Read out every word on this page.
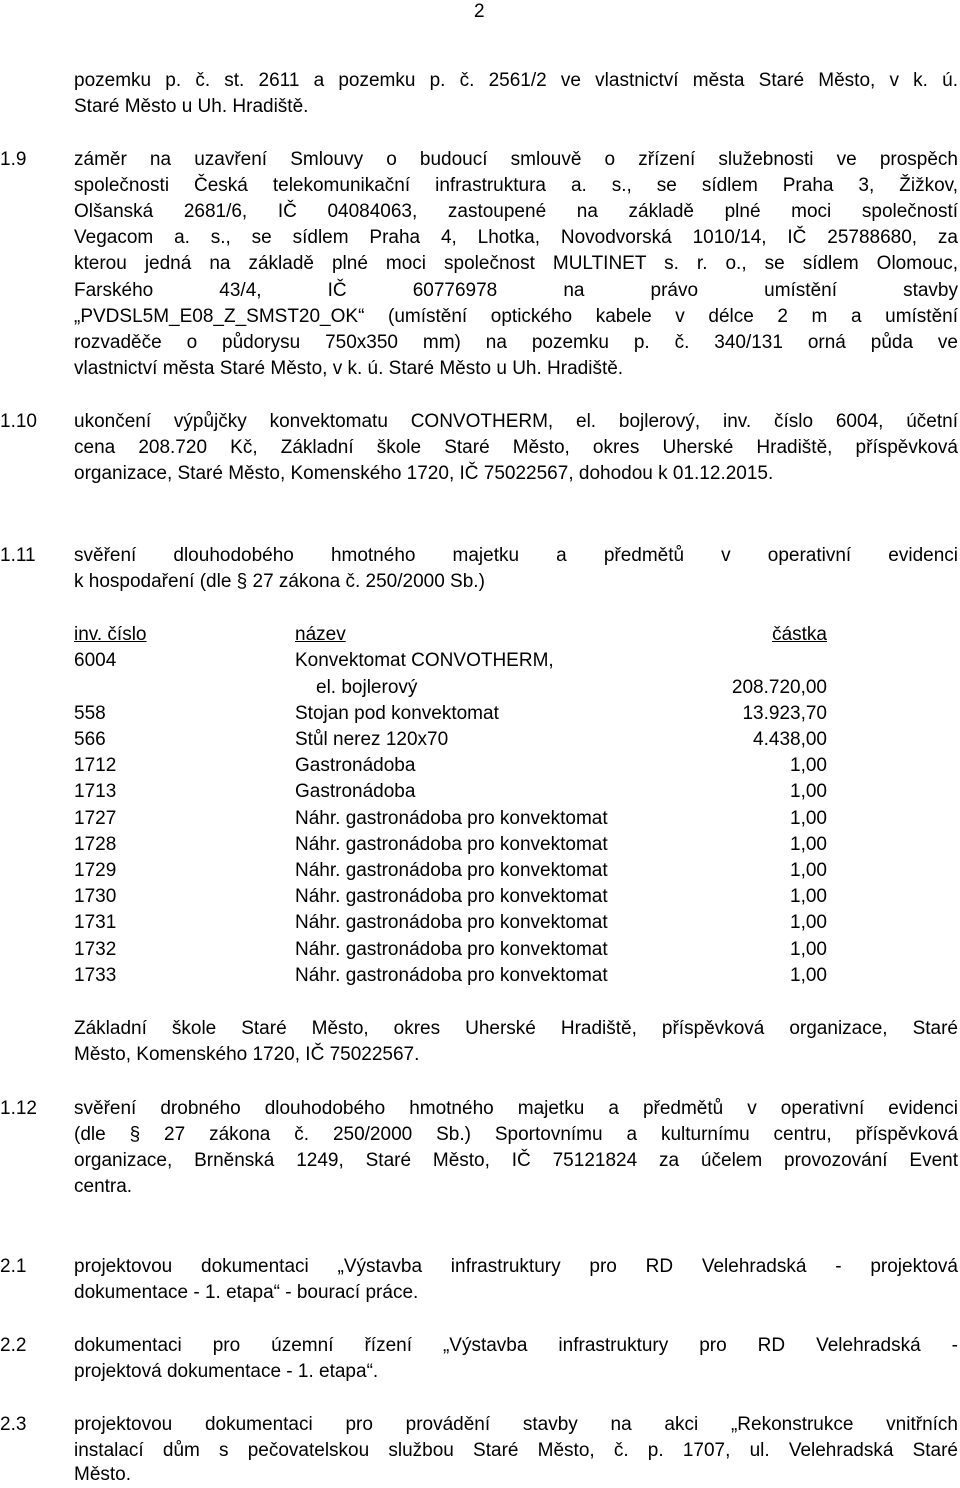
2
pozemku p. č. st. 2611 a pozemku p. č. 2561/2 ve vlastnictví města Staré Město, v k. ú.
Staré Město u Uh. Hradiště.
1.9	záměr na uzavření Smlouvy o budoucí smlouvě o zřízení služebnosti ve prospěch
společnosti Česká telekomunikační infrastruktura a. s., se sídlem Praha 3, Žižkov,
Olšanská 2681/6, IČ 04084063, zastoupené na základě plné moci společností
Vegacom a. s., se sídlem Praha 4, Lhotka, Novodvorská 1010/14, IČ 25788680, za
kterou jedná na základě plné moci společnost MULTINET s. r. o., se sídlem Olomouc,
Farského 43/4, IČ 60776978 na právo umístění stavby
„PVDSL5M_E08_Z_SMST20_OK“ (umístění optického kabele v délce 2 m a umístění
rozvaděče o půdorysu 750x350 mm) na pozemku p. č. 340/131 orná půda ve
vlastnictví města Staré Město, v k. ú. Staré Město u Uh. Hradiště.
1.10 ukončení výpůjčky konvektomatu CONVOTHERM, el. bojlerový, inv. číslo 6004, účetní
cena 208.720 Kč, Základní škole Staré Město, okres Uherské Hradiště, příspěvková
organizace, Staré Město, Komenského 1720, IČ 75022567, dohodou k 01.12.2015.
1.11 svěření dlouhodobého hmotného majetku a předmětů v operativní evidenci
k hospodaření (dle § 27 zákona č. 250/2000 Sb.)
inv. číslo	název	částka
6004	Konvektomat CONVOTHERM,
el. bojlerový	208.720,00
558	Stojan pod konvektomat	13.923,70
566	Stůl nerez 120x70	4.438,00
1712	Gastronádoba	1,00
1713	Gastronádoba	1,00
1727	Náhr. gastronádoba pro konvektomat	1,00
1728	Náhr. gastronádoba pro konvektomat	1,00
1729	Náhr. gastronádoba pro konvektomat	1,00
1730	Náhr. gastronádoba pro konvektomat	1,00
1731	Náhr. gastronádoba pro konvektomat	1,00
1732	Náhr. gastronádoba pro konvektomat	1,00
1733	Náhr. gastronádoba pro konvektomat	1,00
Základní škole Staré Město, okres Uherské Hradiště, příspěvková organizace, Staré
Město, Komenského 1720, IČ 75022567.
1.12 svěření drobného dlouhodobého hmotného majetku a předmětů v operativní evidenci
(dle § 27 zákona č. 250/2000 Sb.) Sportovnímu a kulturnímu centru, příspěvková
organizace, Brněnská 1249, Staré Město, IČ 75121824 za účelem provozování Event
centra.
2.1	projektovou dokumentaci „Výstavba infrastruktury pro RD Velehradská - projektová
dokumentace - 1. etapa“ - bourací práce.
2.2	dokumentaci pro územní řízení „Výstavba infrastruktury pro RD Velehradská -
projektová dokumentace - 1. etapa“.
2.3	projektovou dokumentaci pro provádění stavby na akci „Rekonstrukce vnitřních
instalací dům s pečovatelskou službou Staré Město, č. p. 1707, ul. Velehradská Staré
Město.
